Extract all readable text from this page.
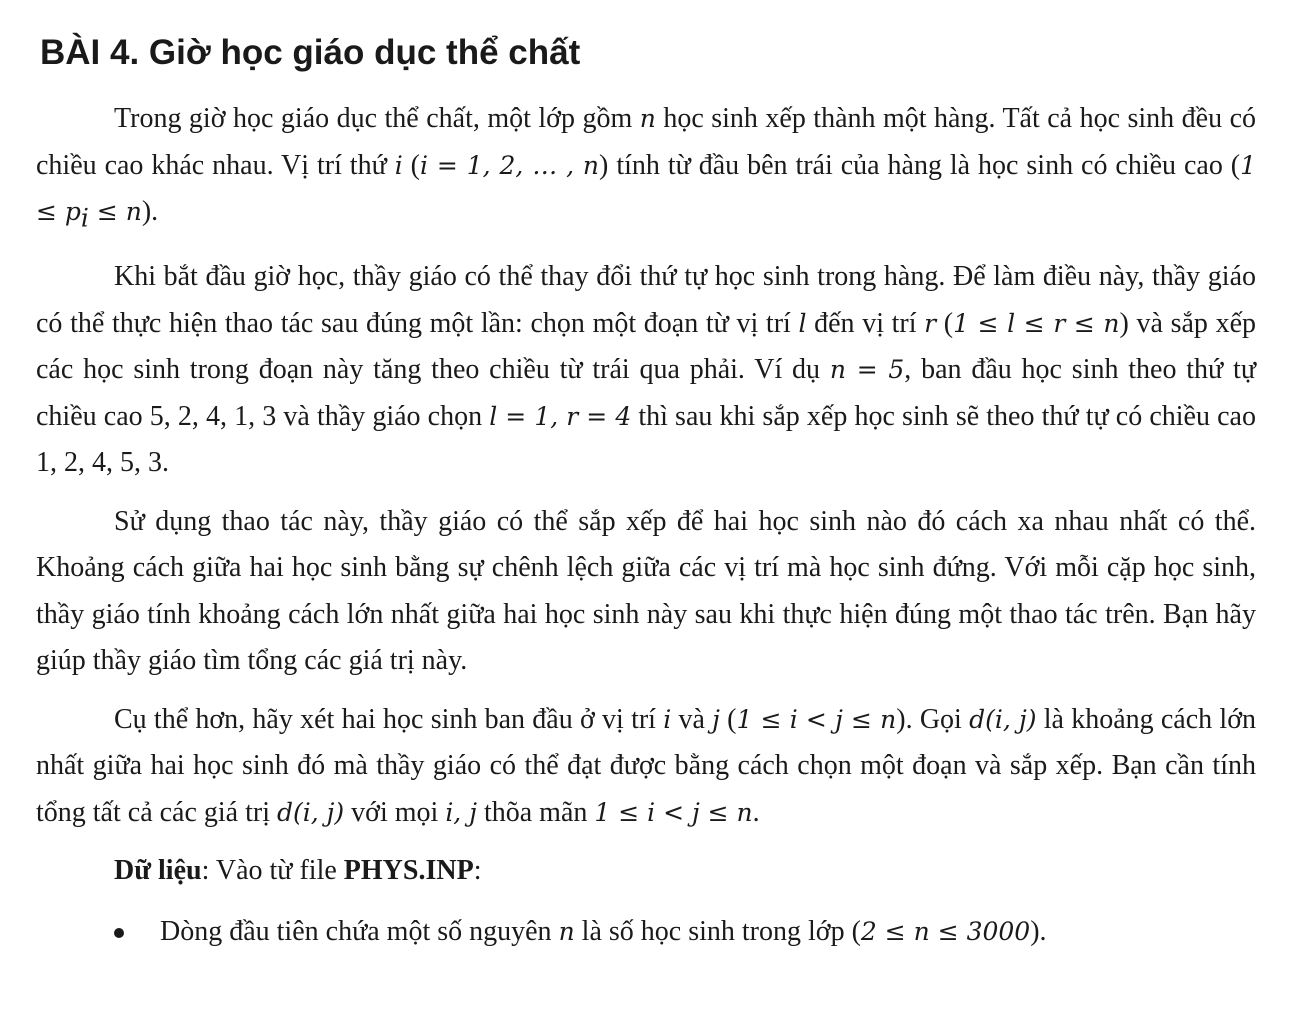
BÀI 4. Giờ học giáo dục thể chất

Trong giờ học giáo dục thể chất, một lớp gồm n học sinh xếp thành một hàng. Tất cả học sinh đều có chiều cao khác nhau. Vị trí thứ i (i = 1, 2, … , n) tính từ đầu bên trái của hàng là học sinh có chiều cao $(1 \le p_i \le n)$.

Khi bắt đầu giờ học, thầy giáo có thể thay đổi thứ tự học sinh trong hàng. Để làm điều này, thầy giáo có thể thực hiện thao tác sau đúng một lần: chọn một đoạn từ vị trí l đến vị trí r (1 ≤ l ≤ r ≤ n) và sắp xếp các học sinh trong đoạn này tăng theo chiều từ trái qua phải. Ví dụ n = 5, ban đầu học sinh theo thứ tự chiều cao 5, 2, 4, 1, 3 và thầy giáo chọn l = 1, r = 4 thì sau khi sắp xếp học sinh sẽ theo thứ tự có chiều cao 1, 2, 4, 5, 3.

Sử dụng thao tác này, thầy giáo có thể sắp xếp để hai học sinh nào đó cách xa nhau nhất có thể. Khoảng cách giữa hai học sinh bằng sự chênh lệch giữa các vị trí mà học sinh đứng. Với mỗi cặp học sinh, thầy giáo tính khoảng cách lớn nhất giữa hai học sinh này sau khi thực hiện đúng một thao tác trên. Bạn hãy giúp thầy giáo tìm tổng các giá trị này.

Cụ thể hơn, hãy xét hai học sinh ban đầu ở vị trí i và j (1 ≤ i < j ≤ n). Gọi d(i, j) là khoảng cách lớn nhất giữa hai học sinh đó mà thầy giáo có thể đạt được bằng cách chọn một đoạn và sắp xếp. Bạn cần tính tổng tất cả các giá trị d(i, j) với mọi i, j thõa mãn 1 ≤ i < j ≤ n.

Dữ liệu: Vào từ file PHYS.INP:

Dòng đầu tiên chứa một số nguyên n là số học sinh trong lớp (2 ≤ n ≤ 3000).
